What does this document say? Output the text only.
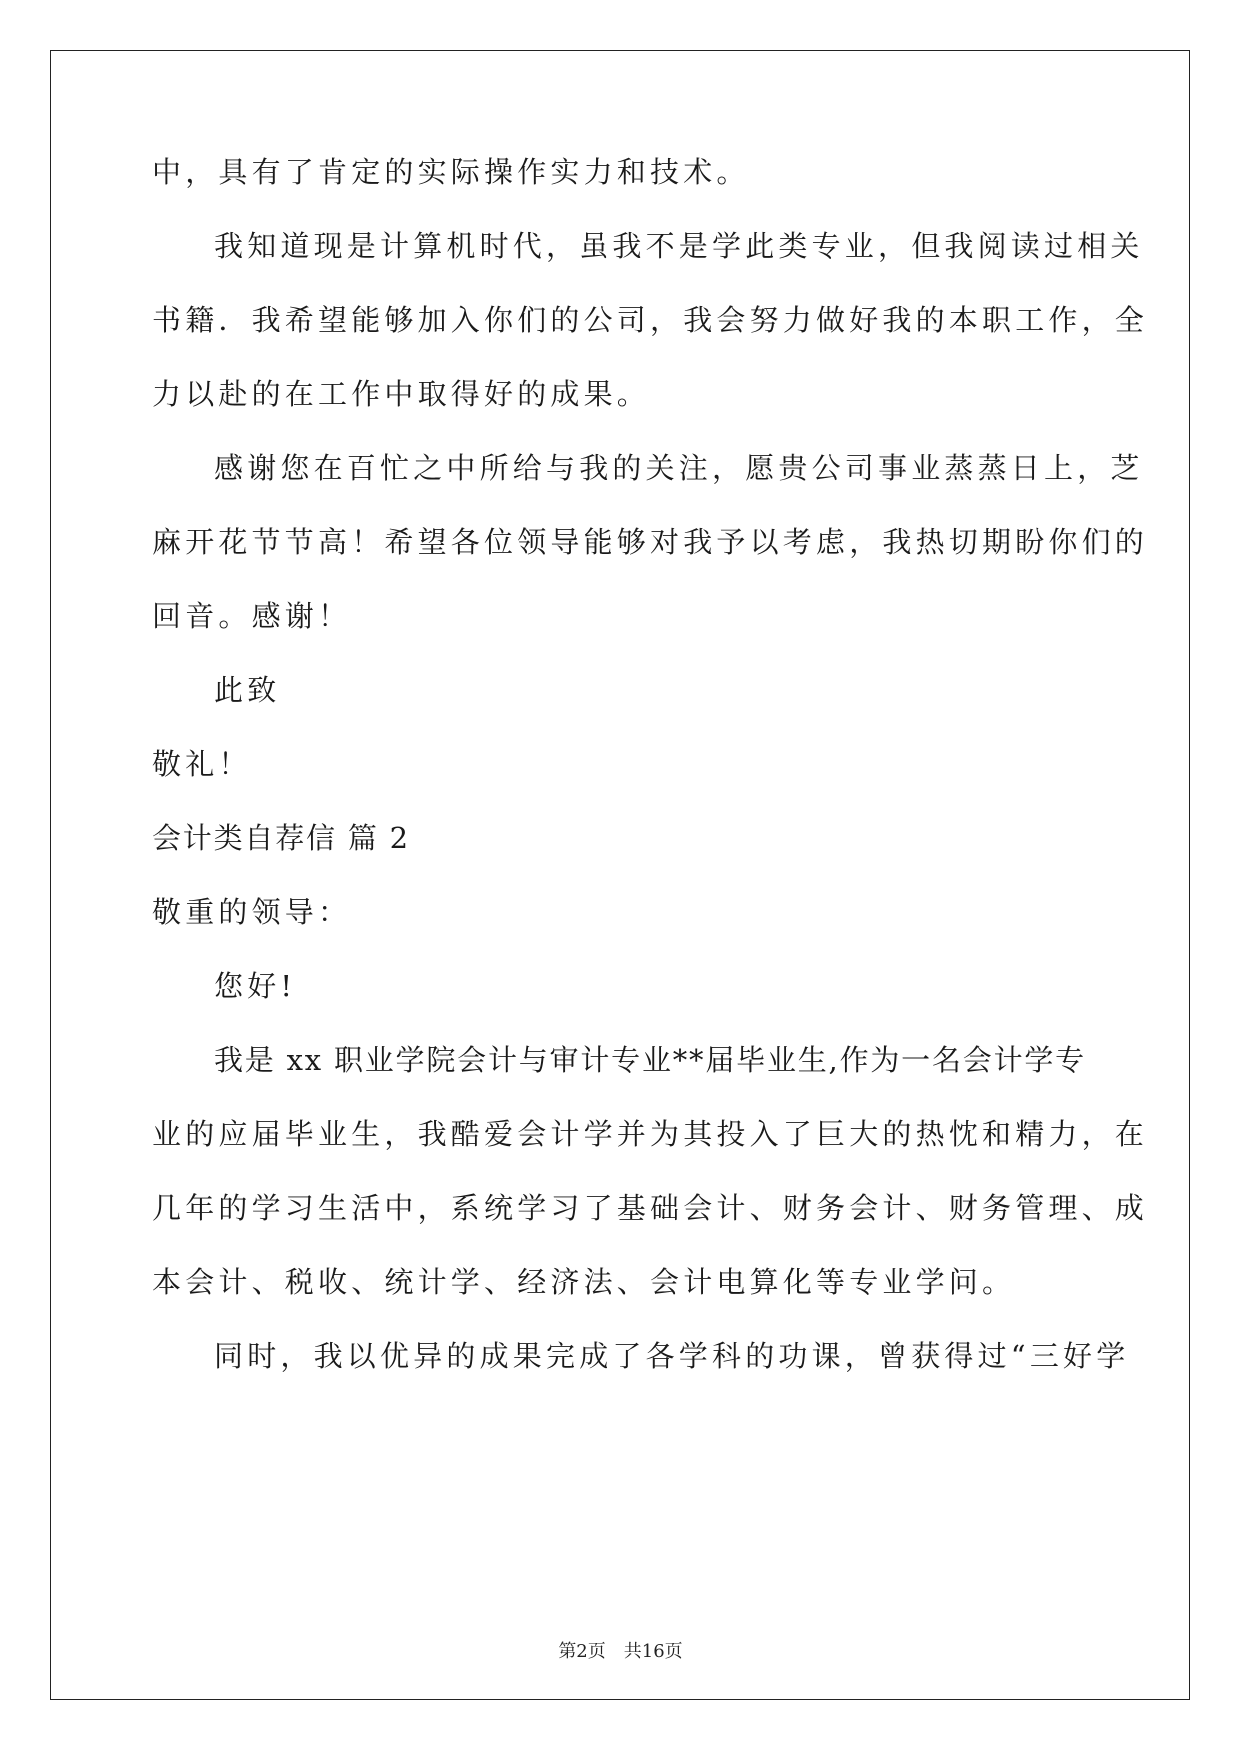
中，具有了肯定的实际操作实力和技术。
我知道现是计算机时代，虽我不是学此类专业，但我阅读过相关
书籍．我希望能够加入你们的公司，我会努力做好我的本职工作，全
力以赴的在工作中取得好的成果。
感谢您在百忙之中所给与我的关注，愿贵公司事业蒸蒸日上，芝
麻开花节节高！希望各位领导能够对我予以考虑，我热切期盼你们的
回音。感谢！
此致
敬礼！
会计类自荐信 篇 2
敬重的领导：
您好!
我是 xx 职业学院会计与审计专业**届毕业生,作为一名会计学专
业的应届毕业生，我酷爱会计学并为其投入了巨大的热忱和精力，在
几年的学习生活中，系统学习了基础会计、财务会计、财务管理、成
本会计、税收、统计学、经济法、会计电算化等专业学问。
同时，我以优异的成果完成了各学科的功课，曾获得过“三好学
第2页 共16页
